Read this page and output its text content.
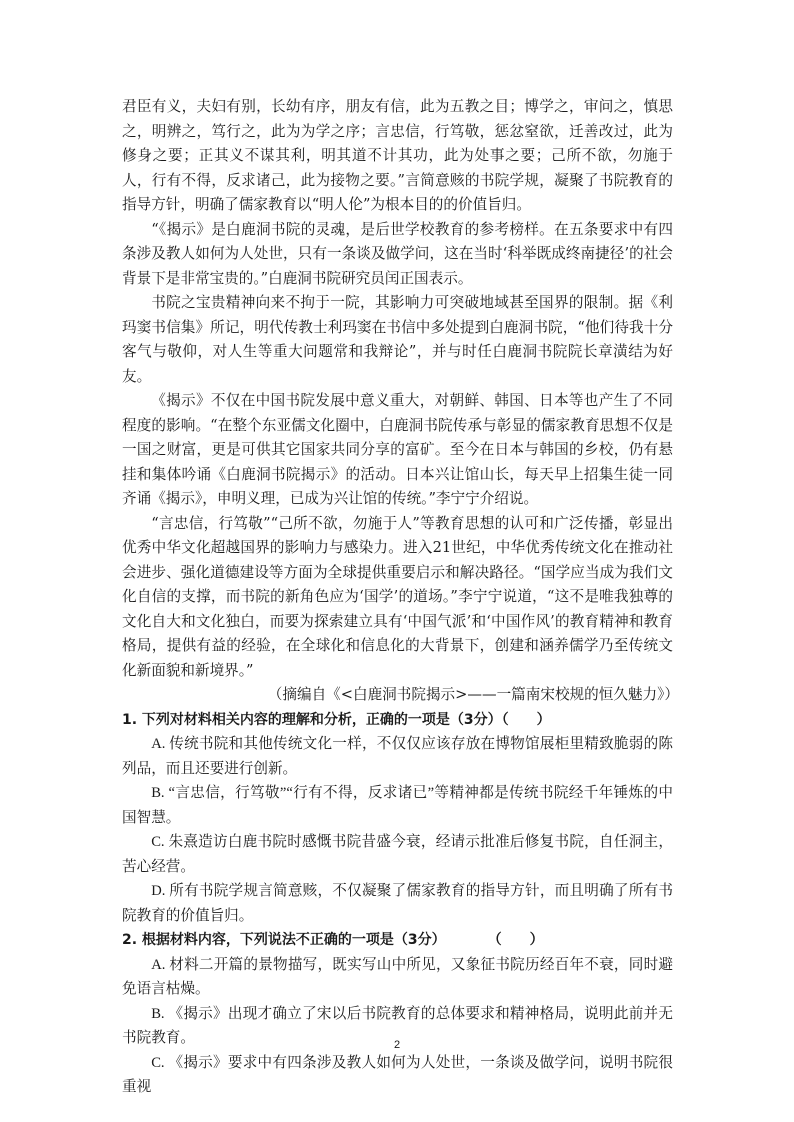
君臣有义，夫妇有别，长幼有序，朋友有信，此为五教之目；博学之，审问之，慎思之，明辨之，笃行之，此为为学之序；言忠信，行笃敬，惩忿窒欲，迁善改过，此为修身之要；正其义不谋其利，明其道不计其功，此为处事之要；己所不欲，勿施于人，行有不得，反求诸己，此为接物之要。”言简意赅的书院学规，凝聚了书院教育的指导方针，明确了儒家教育以“明人伦”为根本目的的价值旨归。

“《揭示》是白鹿洞书院的灵魂，是后世学校教育的参考榜样。在五条要求中有四条涉及教人如何为人处世，只有一条谈及做学问，这在当时‘科举既成终南捷径’的社会背景下是非常宝贵的。”白鹿洞书院研究员闰正国表示。

书院之宝贵精神向来不拘于一院，其影响力可突破地域甚至国界的限制。据《利玛窦书信集》所记，明代传教士利玛窦在书信中多处提到白鹿洞书院，“他们待我十分客气与敬仰，对人生等重大问题常和我辩论”，并与时任白鹿洞书院院长章潢结为好友。

《揭示》不仅在中国书院发展中意义重大，对朝鲜、韩国、日本等也产生了不同程度的影响。“在整个东亚儒文化圈中，白鹿洞书院传承与彰显的儒家教育思想不仅是一国之财富，更是可供其它国家共同分享的富矿。至今在日本与韩国的乡校，仍有悬挂和集体吟诵《白鹿洞书院揭示》的活动。日本兴让馆山长，每天早上招集生徒一同齐诵《揭示》，申明义理，已成为兴让馆的传统。”李宁宁介绍说。

“言忠信，行笃敬”“己所不欲，勿施于人”等教育思想的认可和广泛传播，彰显出优秀中华文化超越国界的影响力与感染力。进入21世纪，中华优秀传统文化在推动社会进步、强化道德建设等方面为全球提供重要启示和解决路径。“国学应当成为我们文化自信的支撑，而书院的新角色应为‘国学’的道场。”李宁宁说道，“这不是唯我独尊的文化自大和文化独白，而要为探索建立具有‘中国气派’和‘中国作风’的教育精神和教育格局，提供有益的经验，在全球化和信息化的大背景下，创建和涵养儒学乃至传统文化新面貌和新境界。”

（摘编自《<白鹿洞书院揭示>——一篇南宋校规的恒久魅力》）

1. 下列对材料相关内容的理解和分析，正确的一项是（3分）（　　）

A. 传统书院和其他传统文化一样，不仅仅应该存放在博物馆展柜里精致脆弱的陈列品，而且还要进行创新。

B. “言忠信，行笃敬”“行有不得，反求诸已”等精神都是传统书院经千年锤炼的中国智慧。

C. 朱熹造访白鹿书院时感慨书院昔盛今衰，经请示批准后修复书院，自任洞主，苦心经营。

D. 所有书院学规言简意赅，不仅凝聚了儒家教育的指导方针，而且明确了所有书院教育的价值旨归。

2. 根据材料内容，下列说法不正确的一项是（3分）　　　　（　　）

A. 材料二开篇的景物描写，既实写山中所见，又象征书院历经百年不衰，同时避免语言枯燥。

B. 《揭示》出现才确立了宋以后书院教育的总体要求和精神格局，说明此前并无书院教育。

C. 《揭示》要求中有四条涉及教人如何为人处世，一条谈及做学问，说明书院很重视

2
